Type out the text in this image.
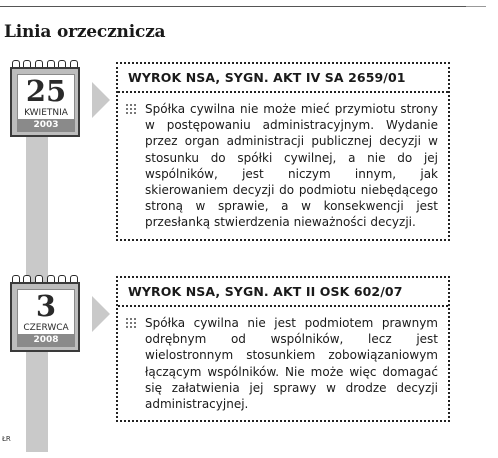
Linia orzecznicza
25
KWIETNIA
2003
WYROK NSA, SYGN. AKT IV SA 2659/01
Spółka cywilna nie może mieć przymiotu strony w postępowaniu administracyjnym. Wydanie przez organ administracji publicznej decyzji w stosunku do spółki cywilnej, a nie do jej wspólników, jest niczym innym, jak skierowaniem decyzji do podmiotu niebędącego stroną w sprawie, a w konsekwencji jest przesłanką stwierdzenia nieważności decyzji.
3
CZERWCA
2008
WYROK NSA, SYGN. AKT II OSK 602/07
Spółka cywilna nie jest podmiotem prawnym odrębnym od wspólników, lecz jest wielostronnym stosunkiem zobowiązaniowym łączącym wspólników. Nie może więc domagać się załatwienia jej sprawy w drodze decyzji administracyjnej.
ŁR
